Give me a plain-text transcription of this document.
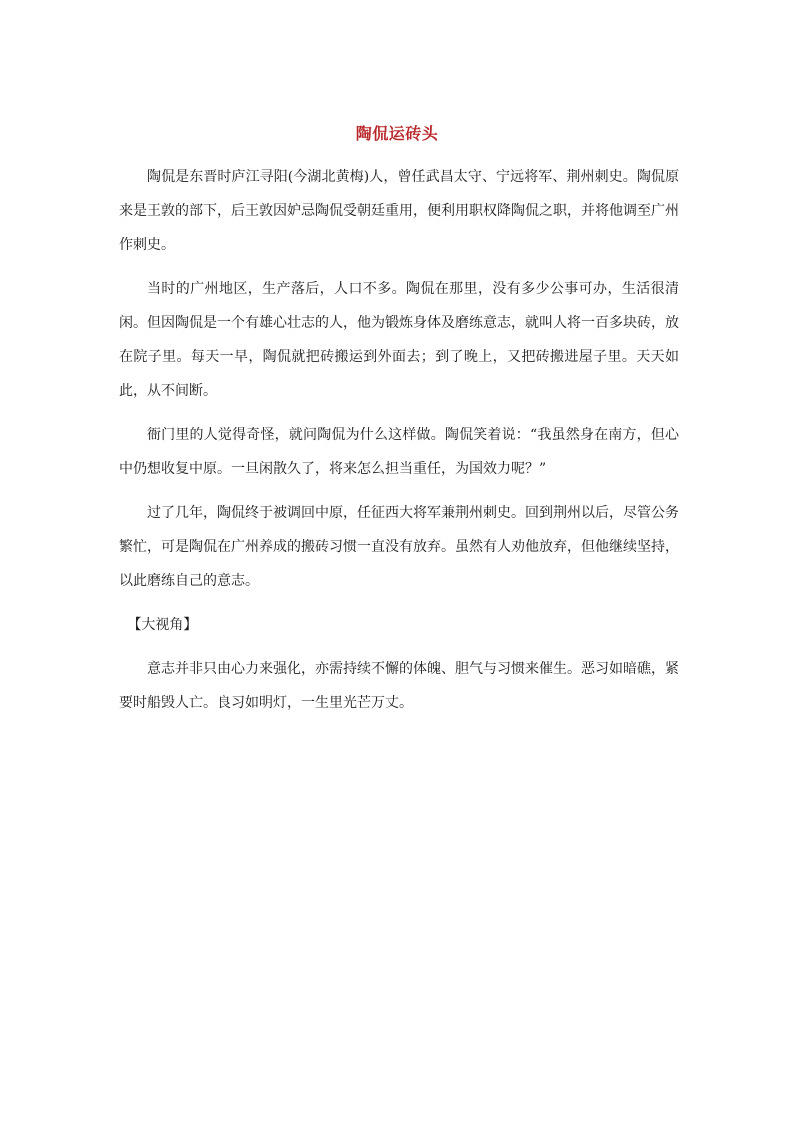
陶侃运砖头

陶侃是东晋时庐江寻阳(今湖北黄梅)人，曾任武昌太守、宁远将军、荆州刺史。陶侃原来是王敦的部下，后王敦因妒忌陶侃受朝廷重用，便利用职权降陶侃之职，并将他调至广州作刺史。

当时的广州地区，生产落后，人口不多。陶侃在那里，没有多少公事可办，生活很清闲。但因陶侃是一个有雄心壮志的人，他为锻炼身体及磨练意志，就叫人将一百多块砖，放在院子里。每天一早，陶侃就把砖搬运到外面去；到了晚上，又把砖搬进屋子里。天天如此，从不间断。

衙门里的人觉得奇怪，就问陶侃为什么这样做。陶侃笑着说：“我虽然身在南方，但心中仍想收复中原。一旦闲散久了，将来怎么担当重任，为国效力呢？”

过了几年，陶侃终于被调回中原，任征西大将军兼荆州刺史。回到荆州以后，尽管公务繁忙，可是陶侃在广州养成的搬砖习惯一直没有放弃。虽然有人劝他放弃，但他继续坚持，以此磨练自己的意志。

【大视角】

意志并非只由心力来强化，亦需持续不懈的体魄、胆气与习惯来催生。恶习如暗礁，紧要时船毁人亡。良习如明灯，一生里光芒万丈。
